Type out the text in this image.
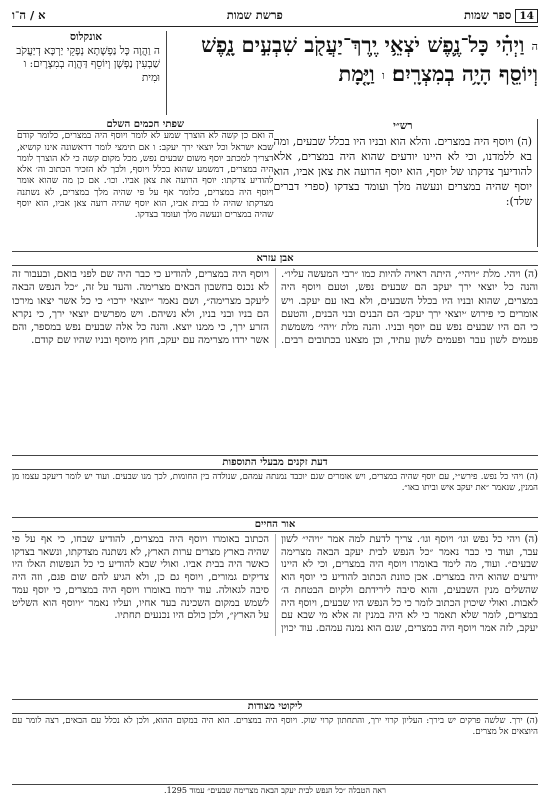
14 ספר שמות
פרשת שמות
א / ה־ו
ה וַיְהִ֗י כָּל־נֶ֛פֶשׁ יֹצְאֵ֥י יֶֽרֶךְ־יַעֲקֹ֖ב שִׁבְעִ֣ים נָ֑פֶשׁ וְיוֹסֵ֖ף הָיָ֥ה בְמִצְרָֽיִם׃ ו וַיָּ֤מָת
אונקלוס
ה וַהֲוָה כָּל נַפְשָׁתָא נְפָקֵי יַרְכָּא דְיַעֲקֹב שַׁבְעִין נַפְשָׁן וְיוֹסֵף דַּהֲוָה בְמִצְרָיִם: ו וּמִית
רש״י
(ה) ויוסף היה במצרים. והלא הוא ובניו היו בכלל שבעים, ומה בא ללמדנו, וכי לא היינו יודעים שהוא היה במצרים, אלא להודיעך צדקתו של יוסף, הוא יוסף הרועה את צאן אביו, הוא יוסף שהיה במצרים ונעשה מלך ועומד בצדקו (ספרי דברים שלד):
שפתי חכמים השלם
ה ואם כן קשה לא הוצרך שמע לא לומר ויוסף היה במצרים, כלומר קודם שבא ישראל וכל יוצאי ירך יעקב: ו אם תימצי לומר דראשונה אינו קושיא, דצריך למכתב יוסף משום שבעים נפש, מכל מקום קשה כי לא הוצרך לומר היה במצרים, דמשמע שהוא בכלל ויוסף, ולכך לא הזכיר הכתוב וה׳ אלא להודיע צדקתו: יוסף הרועה את צאן אביו. וכו׳. אם כן מה שהוא אומר ויוסף היה במצרים, כלומר אף על פי שהיה מלך במצרים, לא נשתנה מצדקתו שהיה לו בבית אביו, הוא יוסף שהיה רועה צאן אביו, הוא יוסף שהיה במצרים ונעשה מלך ועומד בצדקו.
אבן עזרא
(ה) ויהי. מלת ״ויהי״, היתה ראויה להיות כמו ״רבי המעשה עליו״. והנה כל יוצאי ירך יעקב הם שבעים נפש, וטעם ויוסף היה במצרים, שהוא ובניו היו בכלל השבעים, ולא באו עם יעקב. ויש אומרים כי פירוש ׳יוצאי ירך יעקב׳ הם הבנים ובני הבנים, והטעם כי הם היו שבעים נפש עם יוסף ובניו. והנה מלת ׳ויהי׳ משמשת פעמים לשון עבר ופעמים לשון עתיד, וכן מצאנו בכתובים רבים. ויוסף היה במצרים, להודיע כי כבר היה שם לפני בואם, ובעבור זה לא נכנס בחשבון הבאים מצרימה. והעד על זה, ״כל הנפש הבאה ליעקב מצרימה״, ושם נאמר ״יוצאי ירכו״ כי כל אשר יצאו מירכו הם בניו ובני בניו, ולא נשיהם. ויש מפרשים יוצאי ירך, כי נקרא הזרע ירך, כי ממנו יוצא. והנה כל אלה שבעים נפש במספר, והם אשר ירדו מצרימה עם יעקב, חוץ מיוסף ובניו שהיו שם קודם.
דעת זקנים מבעלי התוספות
(ה) ויהי כל נפש. פירש״י, עם יוסף שהיה במצרים, ויש אומרים שגם יוכבד נמנתה עמהם, שנולדה בין החומות, לכך מנו שבעים. ועוד יש לומר דיעקב עצמו מן המנין, שנאמר ״את יעקב איש וביתו באו״.
אור החיים
(ה) ויהי כל נפש וגו׳ ויוסף וגו׳. צריך לדעת למה אמר ״ויהי״ לשון עבר, ועוד כי כבר נאמר ״כל הנפש לבית יעקב הבאה מצרימה שבעים״. ועוד, מה לימד באומרו ויוסף היה במצרים, וכי לא היינו יודעים שהוא היה במצרים. אכן כוונת הכתוב להודיע כי יוסף הוא שהשלים מנין השבעים, והוא סיבה לירידתם ולקיום הבטחת ה׳ לאבות. ואולי שיכוין הכתוב לומר כי כל הנפש היו שבעים, ויוסף היה במצרים, לומר שלא תאמר כי לא היה במנין זה אלא מי שבא עם יעקב, לזה אמר ויוסף היה במצרים, שגם הוא נמנה עמהם. עוד יכוין הכתוב באומרו ויוסף היה במצרים, להודיע שבחו, כי אף על פי שהיה בארץ מצרים ערות הארץ, לא נשתנה מצדקתו, ונשאר בצדקו כאשר היה בבית אביו. ואולי שבא להודיע כי כל הנפשות האלו היו צדיקים גמורים, ויוסף גם כן, ולא הגיע להם שום פגם, וזה היה סיבה לגאולה. עוד ירמוז באומרו ויוסף היה במצרים, כי יוסף עמד לשמש במקום השכינה בעד אחיו, ועליו נאמר ״ויוסף הוא השליט על הארץ״, ולכן כולם היו נכנעים תחתיו.
ליקוטי מצודות
(ה) ירך. שלשה פרקים יש בירך: העליון קרוי ירך, והתחתון קרוי שוק. ויוסף היה במצרים. הוא היה במקום ההוא, ולכן לא נכלל עם הבאים, רצה לומר עם היוצאים אל מצרים.
ראה הטבלה ״כל הנפש לבית יעקב הבאה מצרימה שבעים״ עמוד 1295.
